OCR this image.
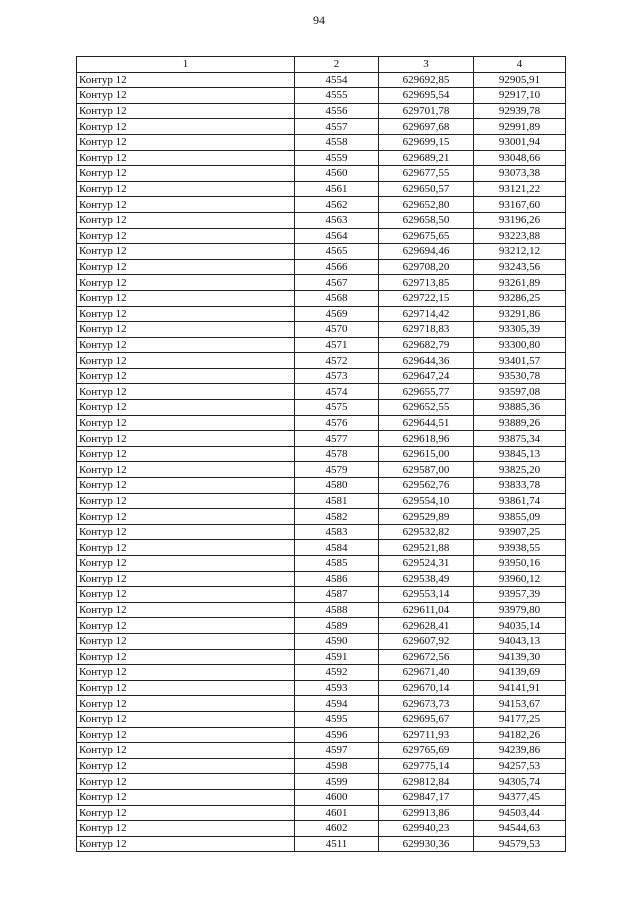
94
1	2	3	4
Контур 12	4554	629692,85	92905,91
Контур 12	4555	629695,54	92917,10
Контур 12	4556	629701,78	92939,78
Контур 12	4557	629697,68	92991,89
Контур 12	4558	629699,15	93001,94
Контур 12	4559	629689,21	93048,66
Контур 12	4560	629677,55	93073,38
Контур 12	4561	629650,57	93121,22
Контур 12	4562	629652,80	93167,60
Контур 12	4563	629658,50	93196,26
Контур 12	4564	629675,65	93223,88
Контур 12	4565	629694,46	93212,12
Контур 12	4566	629708,20	93243,56
Контур 12	4567	629713,85	93261,89
Контур 12	4568	629722,15	93286,25
Контур 12	4569	629714,42	93291,86
Контур 12	4570	629718,83	93305,39
Контур 12	4571	629682,79	93300,80
Контур 12	4572	629644,36	93401,57
Контур 12	4573	629647,24	93530,78
Контур 12	4574	629655,77	93597,08
Контур 12	4575	629652,55	93885,36
Контур 12	4576	629644,51	93889,26
Контур 12	4577	629618,96	93875,34
Контур 12	4578	629615,00	93845,13
Контур 12	4579	629587,00	93825,20
Контур 12	4580	629562,76	93833,78
Контур 12	4581	629554,10	93861,74
Контур 12	4582	629529,89	93855,09
Контур 12	4583	629532,82	93907,25
Контур 12	4584	629521,88	93938,55
Контур 12	4585	629524,31	93950,16
Контур 12	4586	629538,49	93960,12
Контур 12	4587	629553,14	93957,39
Контур 12	4588	629611,04	93979,80
Контур 12	4589	629628,41	94035,14
Контур 12	4590	629607,92	94043,13
Контур 12	4591	629672,56	94139,30
Контур 12	4592	629671,40	94139,69
Контур 12	4593	629670,14	94141,91
Контур 12	4594	629673,73	94153,67
Контур 12	4595	629695,67	94177,25
Контур 12	4596	629711,93	94182,26
Контур 12	4597	629765,69	94239,86
Контур 12	4598	629775,14	94257,53
Контур 12	4599	629812,84	94305,74
Контур 12	4600	629847,17	94377,45
Контур 12	4601	629913,86	94503,44
Контур 12	4602	629940,23	94544,63
Контур 12	4511	629930,36	94579,53
